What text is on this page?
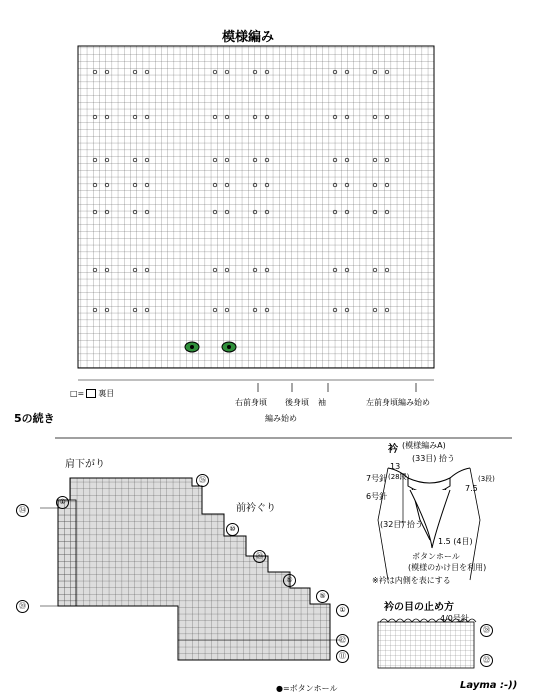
模様編み
□= 裏目
右前身頃 後身頃 袖
編み始め
左前身頃編み始め
5の続き
肩下がり
前衿ぐり
㉖
①
⑩
⑳
⑤
⑤
①
㉒
⑪
㉞
⑳
●=ボタンホール
衿 (模様編みA)
(33目) 拾う
7号針
6号針
7.5
(3段)
13
(28段)
(32目) 拾う
1.5 (4目)
ボタンホール
(模様のかけ目を利用)
※衿は内側を表にする
衿の目の止め方
4/0号針
㉘
㉒
Layma :-))
